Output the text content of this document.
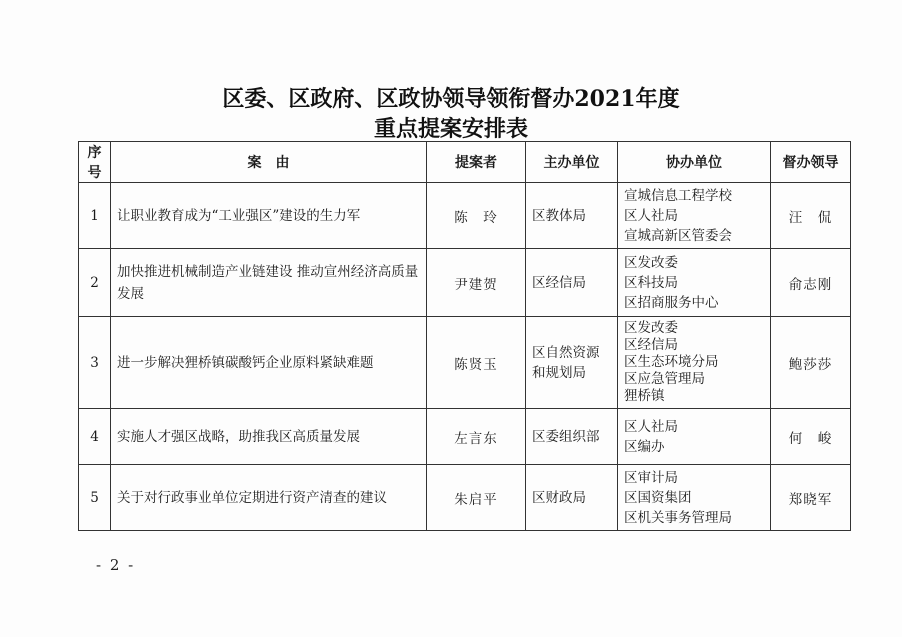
区委、区政府、区政协领导领衔督办2021年度
重点提案安排表
序号	案　由	提案者	主办单位	协办单位	督办领导
1	让职业教育成为“工业强区”建设的生力军	陈　玲	区教体局	宣城信息工程学校
区人社局
宣城高新区管委会	汪　侃
2	加快推进机械制造产业链建设 推动宣州经济高质量发展	尹建贺	区经信局	区发改委
区科技局
区招商服务中心	俞志刚
3	进一步解决狸桥镇碳酸钙企业原料紧缺难题	陈贤玉	区自然资源和规划局	区发改委
区经信局
区生态环境分局
区应急管理局
狸桥镇	鲍莎莎
4	实施人才强区战略，助推我区高质量发展	左言东	区委组织部	区人社局
区编办	何　峻
5	关于对行政事业单位定期进行资产清查的建议	朱启平	区财政局	区审计局
区国资集团
区机关事务管理局	郑晓军
- 2 -
